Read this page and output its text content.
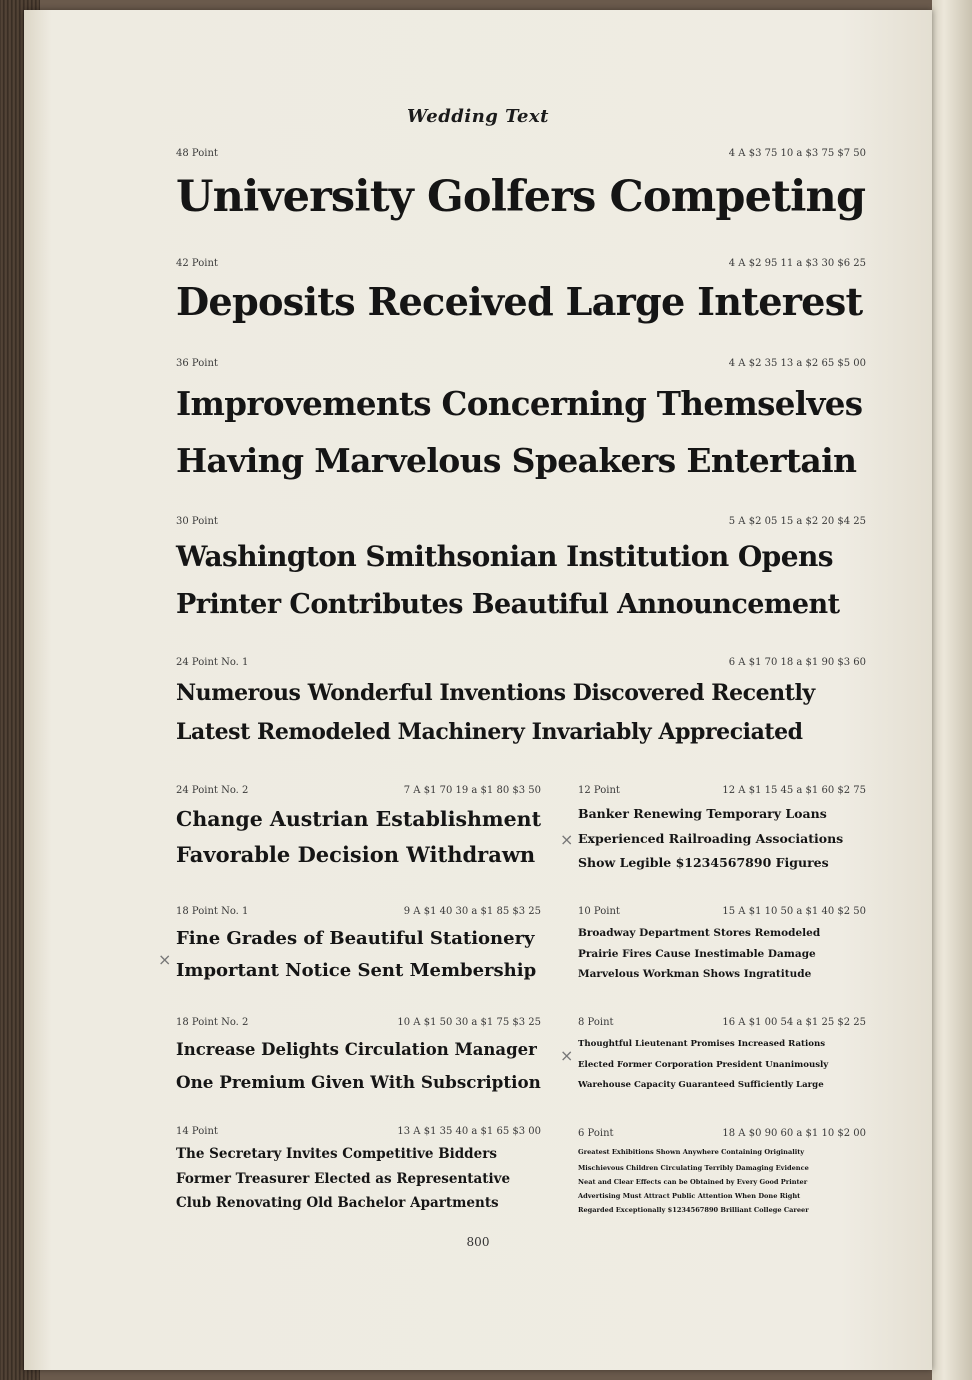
Wedding Text
48 Point	4 A $3 75 10 a $3 75 $7 50
University Golfers Competing
42 Point	4 A $2 95 11 a $3 30 $6 25
Deposits Received Large Interest
36 Point	4 A $2 35 13 a $2 65 $5 00
Improvements Concerning Themselves
Having Marvelous Speakers Entertain
30 Point	5 A $2 05 15 a $2 20 $4 25
Washington Smithsonian Institution Opens
Printer Contributes Beautiful Announcement
24 Point No. 1	6 A $1 70 18 a $1 90 $3 60
Numerous Wonderful Inventions Discovered Recently
Latest Remodeled Machinery Invariably Appreciated
24 Point No. 2	7 A $1 70 19 a $1 80 $3 50
Change Austrian Establishment
Favorable Decision Withdrawn
18 Point No. 1	9 A $1 40 30 a $1 85 $3 25
Fine Grades of Beautiful Stationery
Important Notice Sent Membership
18 Point No. 2	10 A $1 50 30 a $1 75 $3 25
Increase Delights Circulation Manager
One Premium Given With Subscription
14 Point	13 A $1 35 40 a $1 65 $3 00
The Secretary Invites Competitive Bidders
Former Treasurer Elected as Representative
Club Renovating Old Bachelor Apartments
12 Point	12 A $1 15 45 a $1 60 $2 75
Banker Renewing Temporary Loans
Experienced Railroading Associations
Show Legible $1234567890 Figures
10 Point	15 A $1 10 50 a $1 40 $2 50
Broadway Department Stores Remodeled
Prairie Fires Cause Inestimable Damage
Marvelous Workman Shows Ingratitude
8 Point	16 A $1 00 54 a $1 25 $2 25
Thoughtful Lieutenant Promises Increased Rations
Elected Former Corporation President Unanimously
Warehouse Capacity Guaranteed Sufficiently Large
6 Point	18 A $0 90 60 a $1 10 $2 00
Greatest Exhibitions Shown Anywhere Containing Originality
Mischievous Children Circulating Terribly Damaging Evidence
Neat and Clear Effects can be Obtained by Every Good Printer
Advertising Must Attract Public Attention When Done Right
Regarded Exceptionally $1234567890 Brilliant College Career
×
×
×
800
